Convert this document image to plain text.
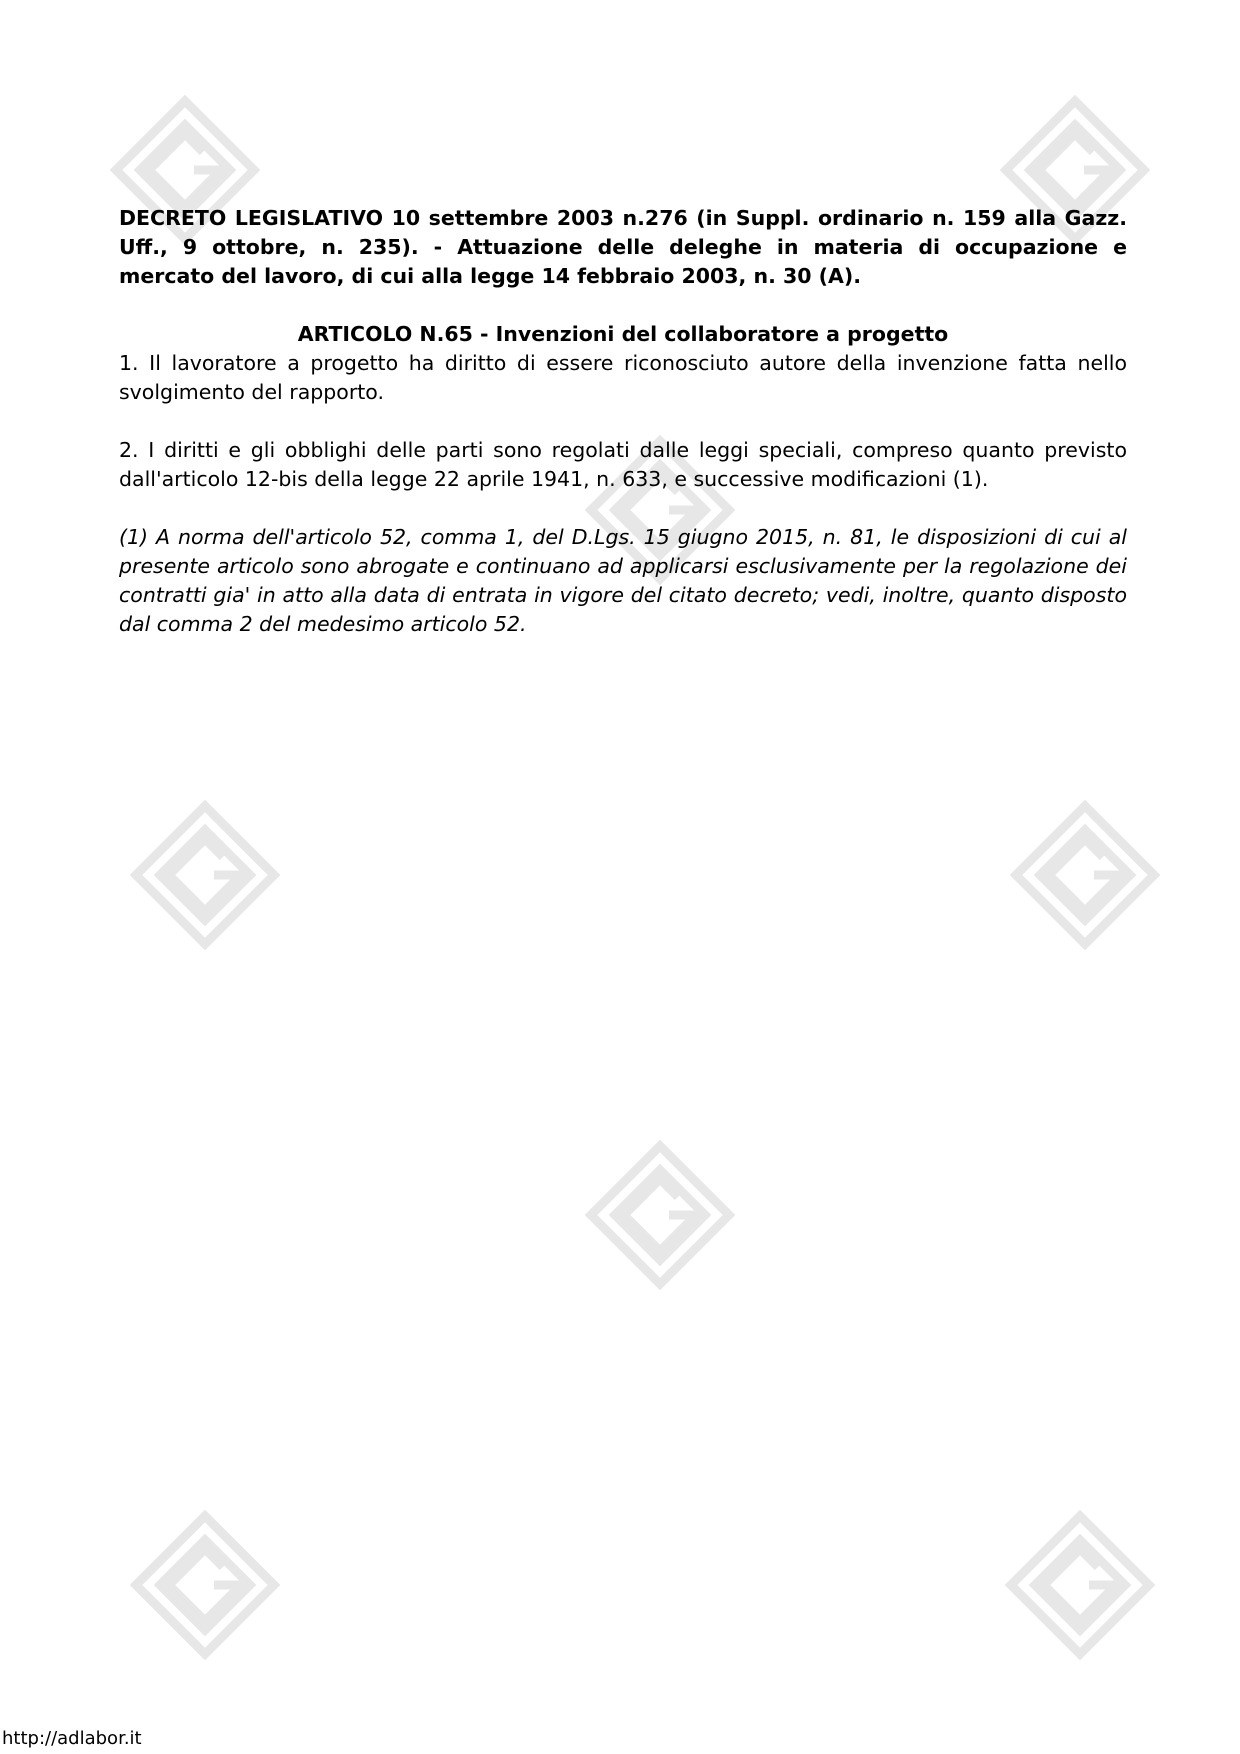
DECRETO LEGISLATIVO 10 settembre 2003 n.276 (in Suppl. ordinario n. 159 alla Gazz. Uff., 9 ottobre, n. 235). - Attuazione delle deleghe in materia di occupazione e mercato del lavoro, di cui alla legge 14 febbraio 2003, n. 30 (A).

ARTICOLO N.65 - Invenzioni del collaboratore a progetto

1. Il lavoratore a progetto ha diritto di essere riconosciuto autore della invenzione fatta nello svolgimento del rapporto.

2. I diritti e gli obblighi delle parti sono regolati dalle leggi speciali, compreso quanto previsto dall'articolo 12-bis della legge 22 aprile 1941, n. 633, e successive modificazioni (1).

(1) A norma dell'articolo 52, comma 1, del D.Lgs. 15 giugno 2015, n. 81, le disposizioni di cui al presente articolo sono abrogate e continuano ad applicarsi esclusivamente per la regolazione dei contratti gia' in atto alla data di entrata in vigore del citato decreto; vedi, inoltre, quanto disposto dal comma 2 del medesimo articolo 52.

http://adlabor.it
